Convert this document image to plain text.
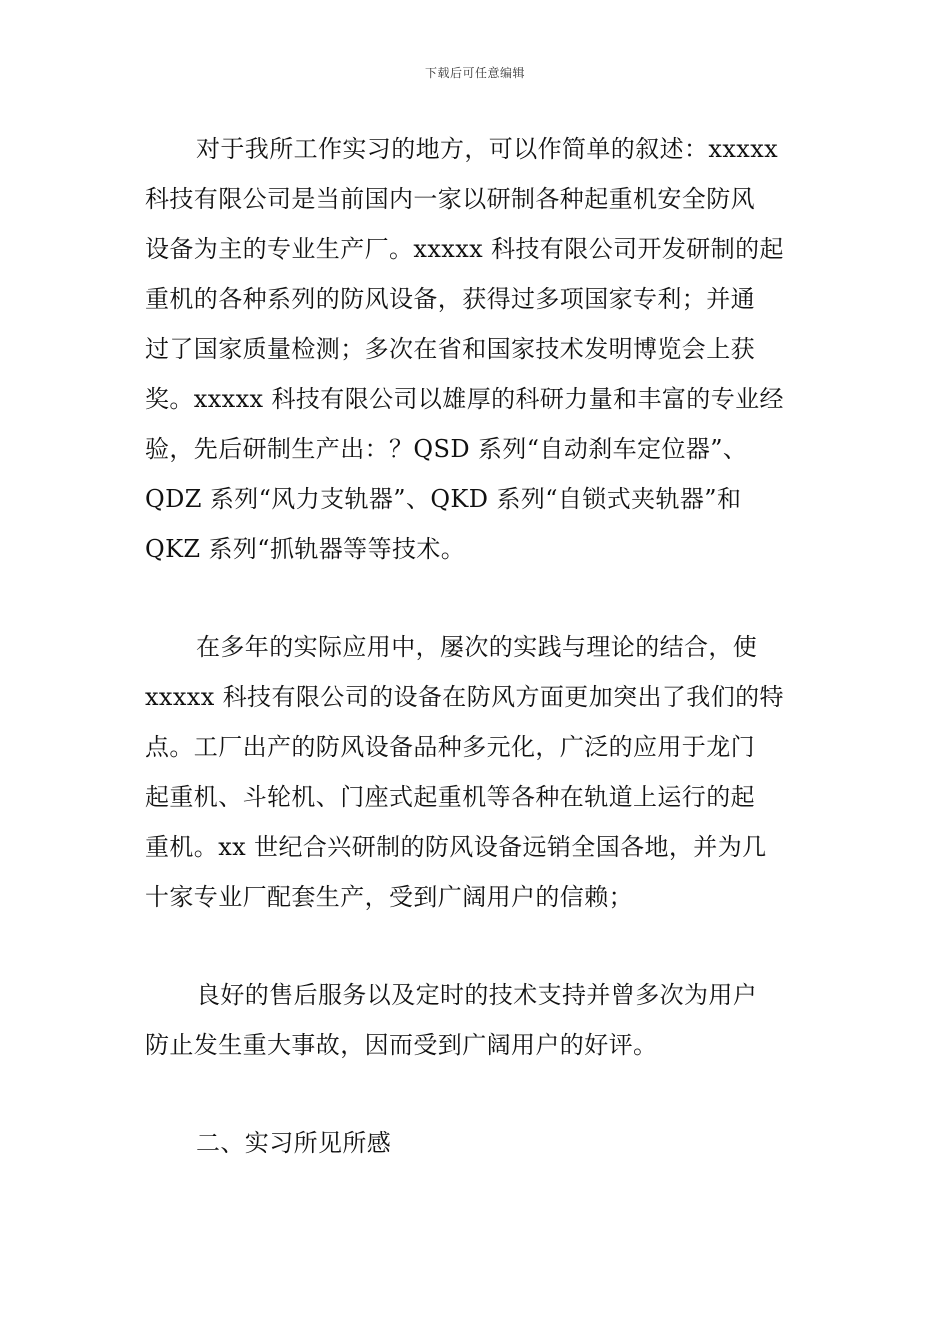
下载后可任意编辑
对于我所工作实习的地方，可以作简单的叙述：xxxxx
科技有限公司是当前国内一家以研制各种起重机安全防风
设备为主的专业生产厂。xxxxx 科技有限公司开发研制的起
重机的各种系列的防风设备，获得过多项国家专利；并通
过了国家质量检测；多次在省和国家技术发明博览会上获
奖。xxxxx 科技有限公司以雄厚的科研力量和丰富的专业经
验，先后研制生产出：？QSD 系列“自动刹车定位器”、
QDZ 系列“风力支轨器”、QKD 系列“自锁式夹轨器”和
QKZ 系列“抓轨器等等技术。
在多年的实际应用中，屡次的实践与理论的结合，使
xxxxx 科技有限公司的设备在防风方面更加突出了我们的特
点。工厂出产的防风设备品种多元化，广泛的应用于龙门
起重机、斗轮机、门座式起重机等各种在轨道上运行的起
重机。xx 世纪合兴研制的防风设备远销全国各地，并为几
十家专业厂配套生产，受到广阔用户的信赖；
良好的售后服务以及定时的技术支持并曾多次为用户
防止发生重大事故，因而受到广阔用户的好评。
二、实习所见所感
